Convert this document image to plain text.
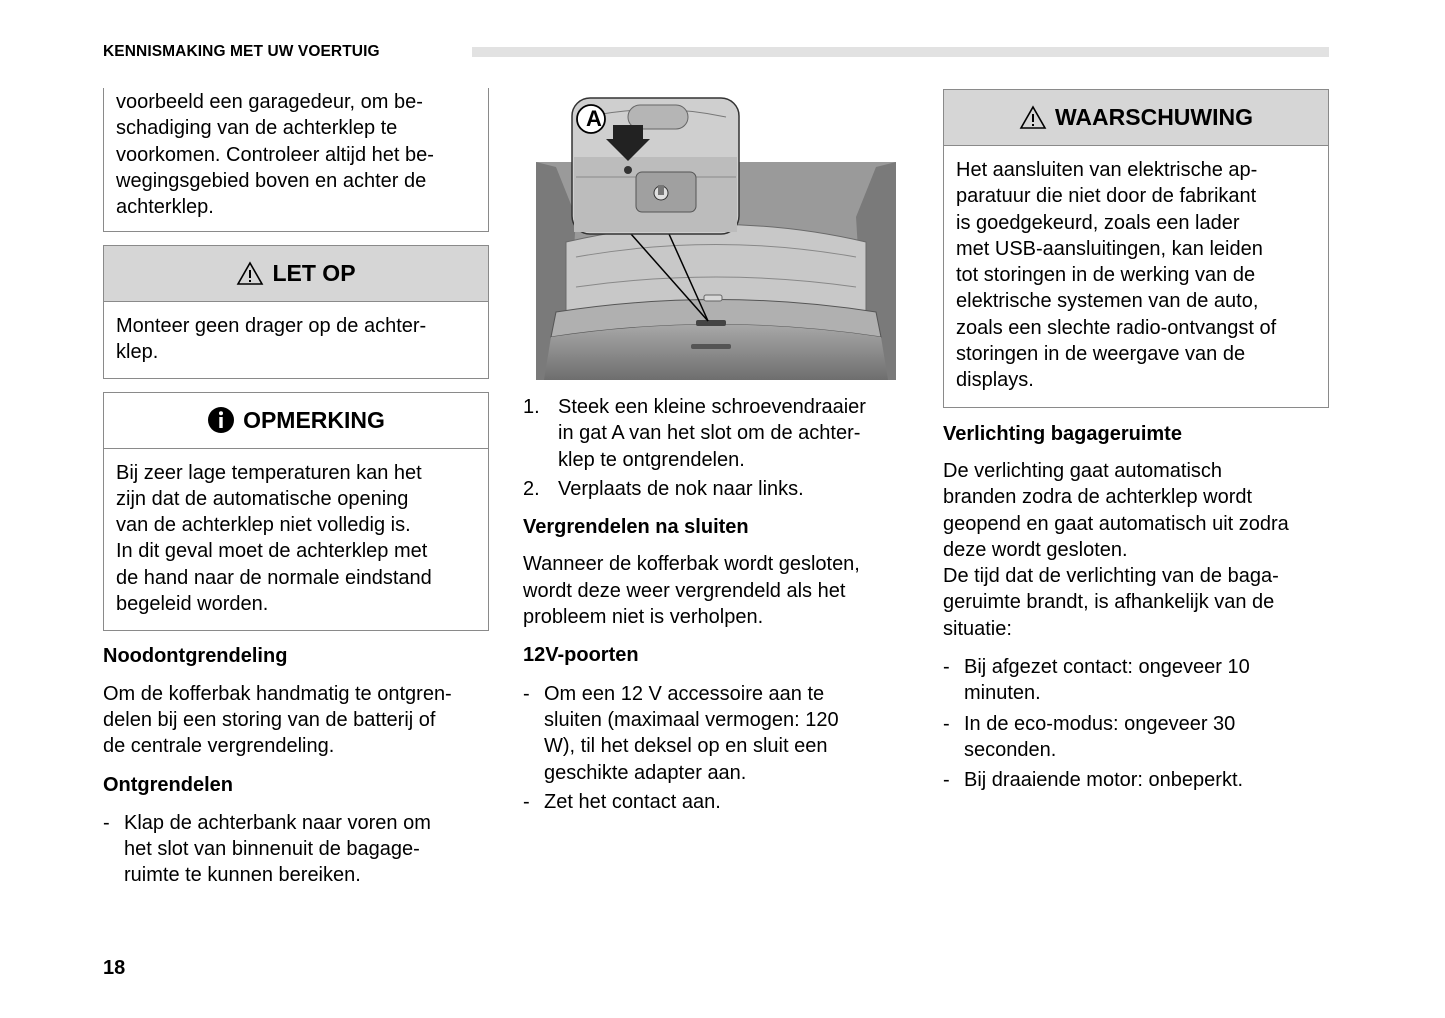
KENNISMAKING MET UW VOERTUIG

voorbeeld een garagedeur, om be-

schadiging van de achterklep te

voorkomen. Controleer altijd het be-

wegingsgebied boven en achter de

achterklep.

LET OP

Monteer geen drager op de achter-

klep.

OPMERKING

Bij zeer lage temperaturen kan het

zijn dat de automatische opening

van de achterklep niet volledig is.

In dit geval moet de achterklep met

de hand naar de normale eindstand

begeleid worden.

Noodontgrendeling

Om de kofferbak handmatig te ontgren-

delen bij een storing van de batterij of

de centrale vergrendeling.

Ontgrendelen

- Klap de achterbank naar voren om

het slot van binnenuit de bagage-

ruimte te kunnen bereiken.

A
1. Steek een kleine schroevendraaier

in gat A van het slot om de achter-

klep te ontgrendelen.

2. Verplaats de nok naar links.

Vergrendelen na sluiten

Wanneer de kofferbak wordt gesloten,

wordt deze weer vergrendeld als het

probleem niet is verholpen.

12V-poorten

- Om een 12 V accessoire aan te

sluiten (maximaal vermogen: 120

W), til het deksel op en sluit een

geschikte adapter aan.

- Zet het contact aan.

WAARSCHUWING

Het aansluiten van elektrische ap-

paratuur die niet door de fabrikant

is goedgekeurd, zoals een lader

met USB-aansluitingen, kan leiden

tot storingen in de werking van de

elektrische systemen van de auto,

zoals een slechte radio-ontvangst of

storingen in de weergave van de

displays.

Verlichting bagageruimte

De verlichting gaat automatisch

branden zodra de achterklep wordt

geopend en gaat automatisch uit zodra

deze wordt gesloten.

De tijd dat de verlichting van de baga-

geruimte brandt, is afhankelijk van de

situatie:

- Bij afgezet contact: ongeveer 10

minuten.

- In de eco-modus: ongeveer 30

seconden.

- Bij draaiende motor: onbeperkt.

18
